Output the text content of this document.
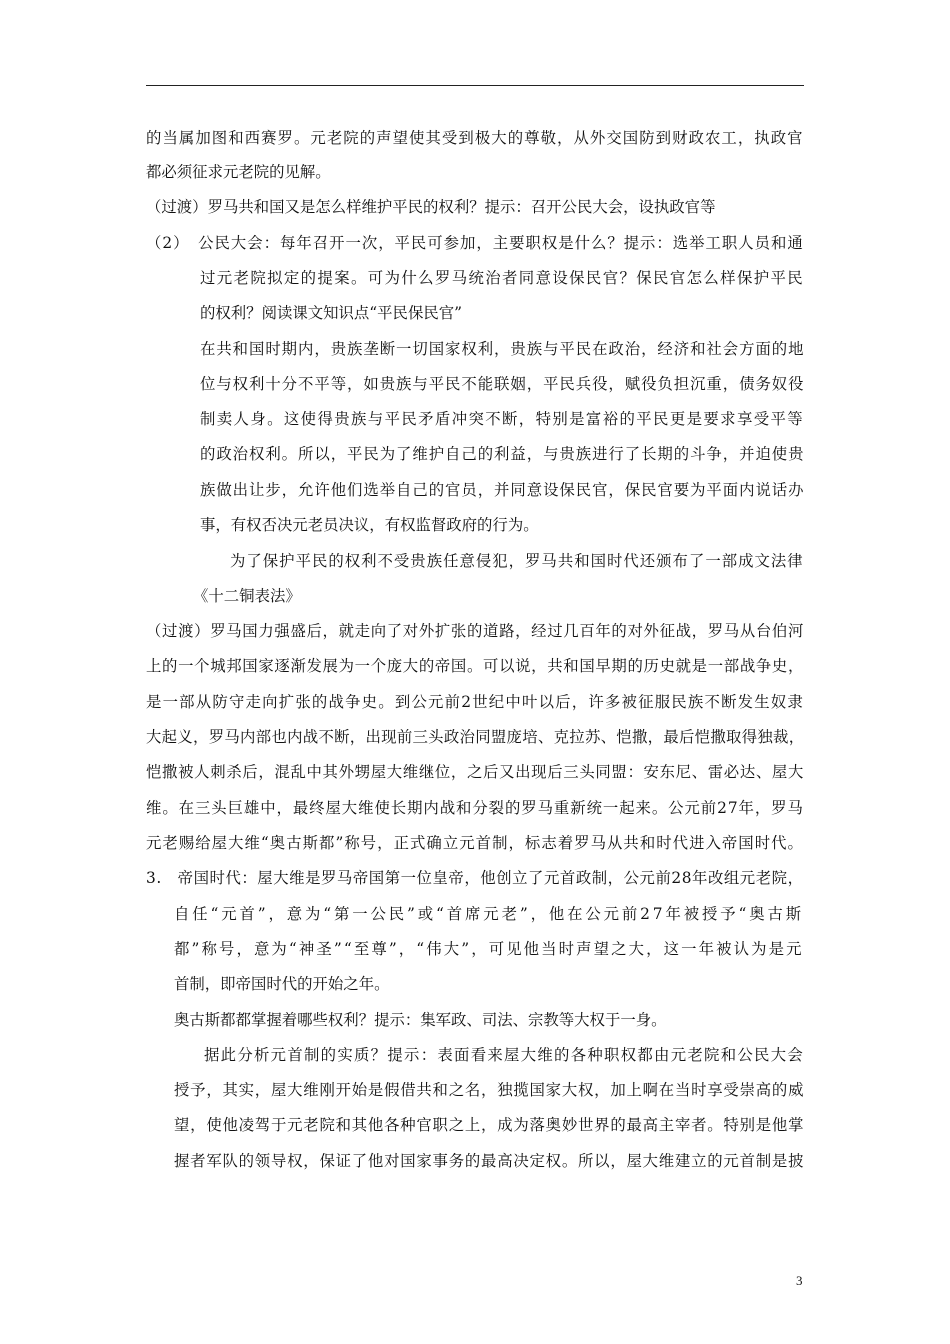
的当属加图和西赛罗。元老院的声望使其受到极大的尊敬，从外交国防到财政农工，执政官
都必须征求元老院的见解。
（过渡）罗马共和国又是怎么样维护平民的权利？提示：召开公民大会，设执政官等
（2）　公民大会：每年召开一次，平民可参加，主要职权是什么？提示：选举工职人员和通
过元老院拟定的提案。可为什么罗马统治者同意设保民官？保民官怎么样保护平民
的权利？阅读课文知识点“平民保民官”
在共和国时期内，贵族垄断一切国家权利，贵族与平民在政治，经济和社会方面的地
位与权利十分不平等，如贵族与平民不能联姻，平民兵役，赋役负担沉重，债务奴役
制卖人身。这使得贵族与平民矛盾冲突不断，特别是富裕的平民更是要求享受平等
的政治权利。所以，平民为了维护自己的利益，与贵族进行了长期的斗争，并迫使贵
族做出让步，允许他们选举自己的官员，并同意设保民官，保民官要为平面内说话办
事，有权否决元老员决议，有权监督政府的行为。
为了保护平民的权利不受贵族任意侵犯，罗马共和国时代还颁布了一部成文法律
《十二铜表法》
（过渡）罗马国力强盛后，就走向了对外扩张的道路，经过几百年的对外征战，罗马从台伯河
上的一个城邦国家逐渐发展为一个庞大的帝国。可以说，共和国早期的历史就是一部战争史，
是一部从防守走向扩张的战争史。到公元前2世纪中叶以后，许多被征服民族不断发生奴隶
大起义，罗马内部也内战不断，出现前三头政治同盟庞培、克拉苏、恺撒，最后恺撒取得独裁，
恺撒被人刺杀后，混乱中其外甥屋大维继位，之后又出现后三头同盟：安东尼、雷必达、屋大
维。在三头巨雄中，最终屋大维使长期内战和分裂的罗马重新统一起来。公元前27年，罗马
元老赐给屋大维“奥古斯都”称号，正式确立元首制，标志着罗马从共和时代进入帝国时代。
3.　帝国时代：屋大维是罗马帝国第一位皇帝，他创立了元首政制，公元前28年改组元老院，
自任“元首”，意为“第一公民”或“首席元老”，他在公元前27年被授予“奥古斯
都”称号，意为“神圣”“至尊”，“伟大”，可见他当时声望之大，这一年被认为是元
首制，即帝国时代的开始之年。
奥古斯都都掌握着哪些权利？提示：集军政、司法、宗教等大权于一身。
据此分析元首制的实质？提示：表面看来屋大维的各种职权都由元老院和公民大会
授予，其实，屋大维刚开始是假借共和之名，独揽国家大权，加上啊在当时享受崇高的威
望，使他凌驾于元老院和其他各种官职之上，成为落奥妙世界的最高主宰者。特别是他掌
握者军队的领导权，保证了他对国家事务的最高决定权。所以，屋大维建立的元首制是披
3
